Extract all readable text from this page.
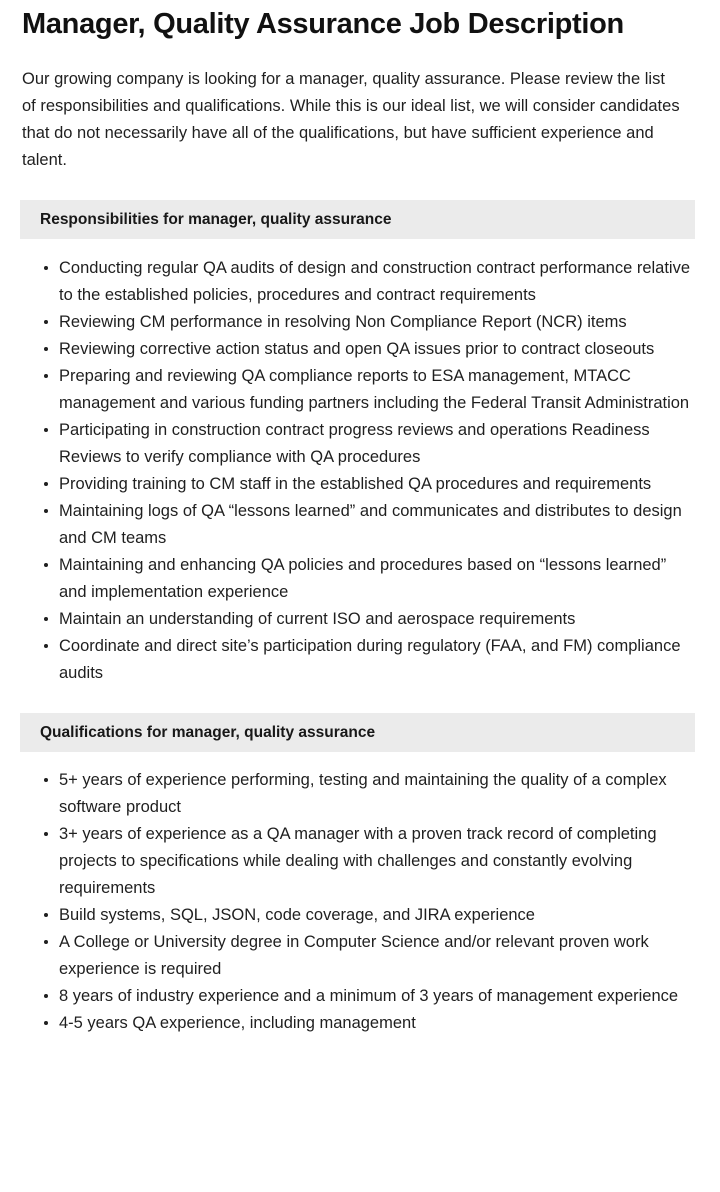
Manager, Quality Assurance Job Description

Our growing company is looking for a manager, quality assurance. Please review the list of responsibilities and qualifications. While this is our ideal list, we will consider candidates that do not necessarily have all of the qualifications, but have sufficient experience and talent.

Responsibilities for manager, quality assurance
Conducting regular QA audits of design and construction contract performance relative to the established policies, procedures and contract requirements
Reviewing CM performance in resolving Non Compliance Report (NCR) items
Reviewing corrective action status and open QA issues prior to contract closeouts
Preparing and reviewing QA compliance reports to ESA management, MTACC management and various funding partners including the Federal Transit Administration
Participating in construction contract progress reviews and operations Readiness Reviews to verify compliance with QA procedures
Providing training to CM staff in the established QA procedures and requirements
Maintaining logs of QA “lessons learned” and communicates and distributes to design and CM teams
Maintaining and enhancing QA policies and procedures based on “lessons learned” and implementation experience
Maintain an understanding of current ISO and aerospace requirements
Coordinate and direct site’s participation during regulatory (FAA, and FM) compliance audits
Qualifications for manager, quality assurance
5+ years of experience performing, testing and maintaining the quality of a complex software product
3+ years of experience as a QA manager with a proven track record of completing projects to specifications while dealing with challenges and constantly evolving requirements
Build systems, SQL, JSON, code coverage, and JIRA experience
A College or University degree in Computer Science and/or relevant proven work experience is required
8 years of industry experience and a minimum of 3 years of management experience
4-5 years QA experience, including management
